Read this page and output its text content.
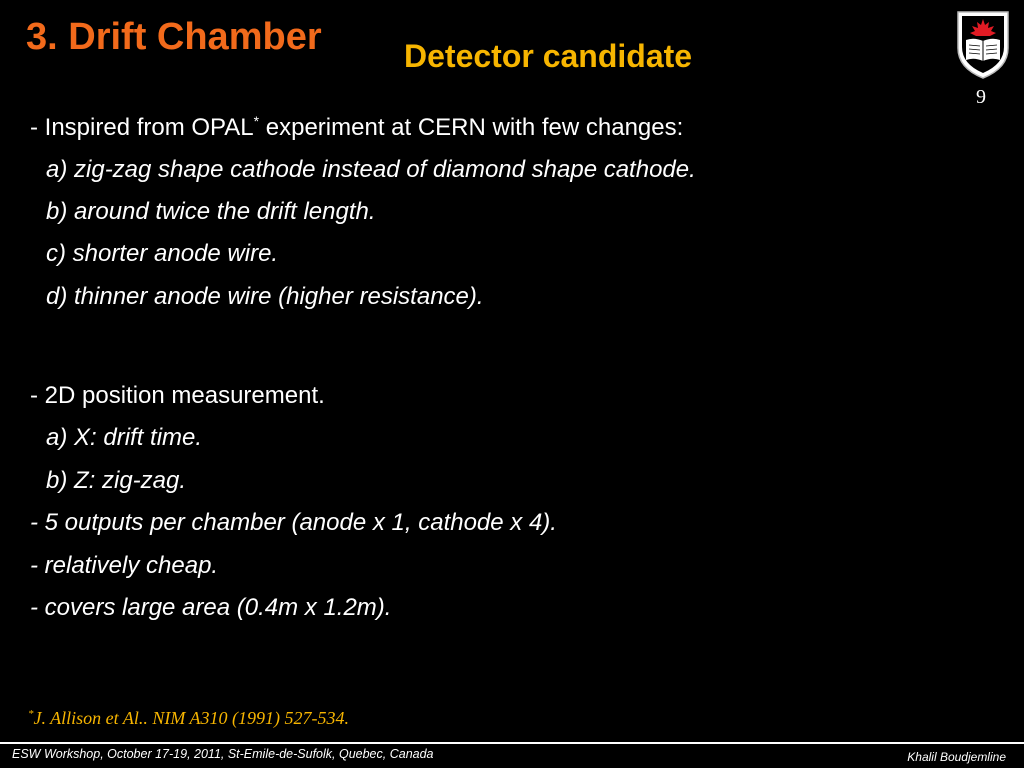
3. Drift Chamber	Detector candidate
9
- Inspired from OPAL* experiment at CERN with few changes:
a) zig-zag shape cathode instead of diamond shape cathode.
b) around twice the drift length.
c) shorter anode wire.
d) thinner anode wire (higher resistance).
- 2D position measurement.
a) X: drift time.
b) Z: zig-zag.
- 5 outputs per chamber (anode x 1, cathode x 4).
- relatively cheap.
- covers large area (0.4m x 1.2m).
*J. Allison et Al.. NIM A310 (1991) 527-534.
ESW Workshop, October 17-19, 2011, St-Emile-de-Sufolk, Quebec, Canada	Khalil Boudjemline
